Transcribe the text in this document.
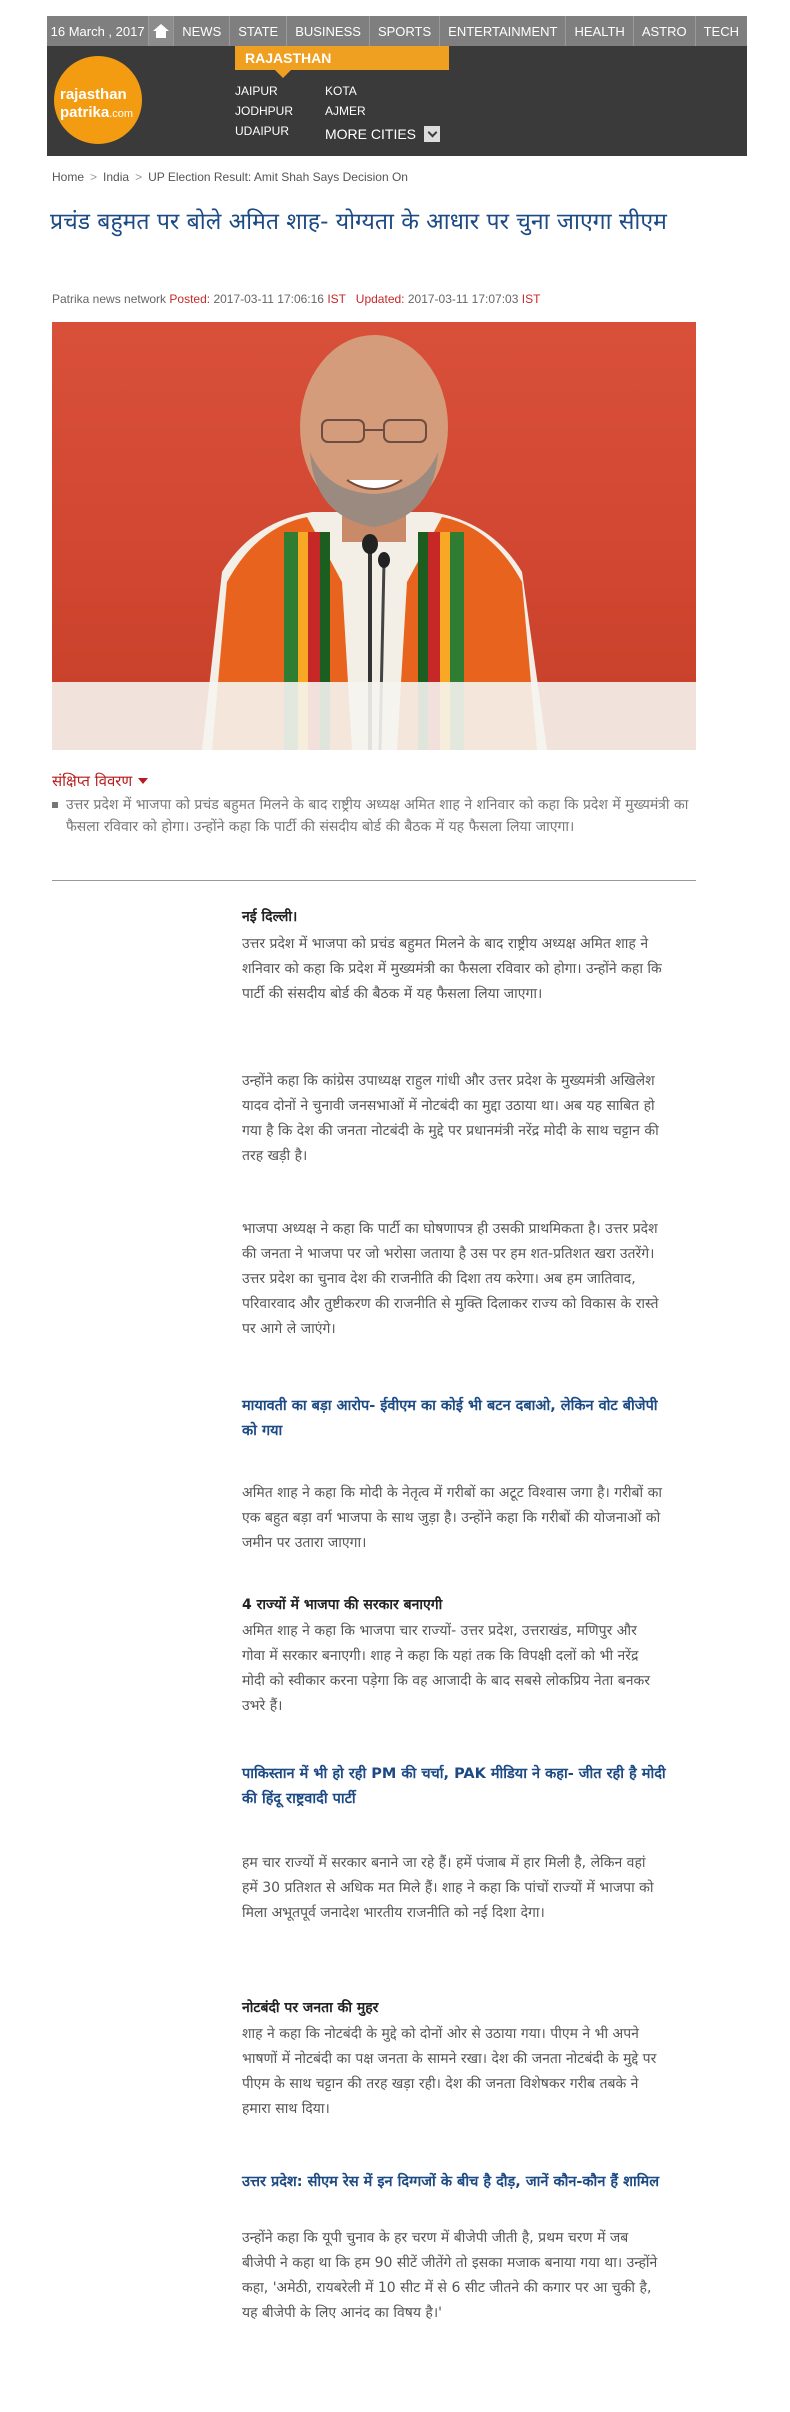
16 March , 2017	NEWS	STATE	BUSINESS	SPORTS	ENTERTAINMENT	HEALTH	ASTRO	TECH
rajasthan
patrika.com
RAJASTHAN
JAIPUR	KOTA
JODHPUR	AJMER
UDAIPUR	MORE CITIES
Home > India > UP Election Result: Amit Shah Says Decision On
प्रचंड बहुमत पर बोले अमित शाह- योग्यता के आधार पर चुना जाएगा सीएम
Patrika news network Posted: 2017-03-11 17:06:16 IST Updated: 2017-03-11 17:07:03 IST
संक्षिप्त विवरण
उत्तर प्रदेश में भाजपा को प्रचंड बहुमत मिलने के बाद राष्ट्रीय अध्यक्ष अमित शाह ने शनिवार को कहा कि प्रदेश में मुख्यमंत्री का फैसला रविवार को होगा। उन्होंने कहा कि पार्टी की संसदीय बोर्ड की बैठक में यह फैसला लिया जाएगा।
नई दिल्ली।
उत्तर प्रदेश में भाजपा को प्रचंड बहुमत मिलने के बाद राष्ट्रीय अध्यक्ष अमित शाह ने शनिवार को कहा कि प्रदेश में मुख्यमंत्री का फैसला रविवार को होगा। उन्होंने कहा कि पार्टी की संसदीय बोर्ड की बैठक में यह फैसला लिया जाएगा।
उन्होंने कहा कि कांग्रेस उपाध्यक्ष राहुल गांधी और उत्तर प्रदेश के मुख्यमंत्री अखिलेश यादव दोनों ने चुनावी जनसभाओं में नोटबंदी का मुद्दा उठाया था। अब यह साबित हो गया है कि देश की जनता नोटबंदी के मुद्दे पर प्रधानमंत्री नरेंद्र मोदी के साथ चट्टान की तरह खड़ी है।
भाजपा अध्यक्ष ने कहा कि पार्टी का घोषणापत्र ही उसकी प्राथमिकता है। उत्तर प्रदेश की जनता ने भाजपा पर जो भरोसा जताया है उस पर हम शत-प्रतिशत खरा उतरेंगे। उत्तर प्रदेश का चुनाव देश की राजनीति की दिशा तय करेगा। अब हम जातिवाद, परिवारवाद और तुष्टीकरण की राजनीति से मुक्ति दिलाकर राज्य को विकास के रास्ते पर आगे ले जाएंगे।
मायावती का बड़ा आरोप- ईवीएम का कोई भी बटन दबाओ, लेकिन वोट बीजेपी को गया
अमित शाह ने कहा कि मोदी के नेतृत्व में गरीबों का अटूट विश्वास जगा है। गरीबों का एक बहुत बड़ा वर्ग भाजपा के साथ जुड़ा है। उन्होंने कहा कि गरीबों की योजनाओं को जमीन पर उतारा जाएगा।
4 राज्यों में भाजपा की सरकार बनाएगी
अमित शाह ने कहा कि भाजपा चार राज्यों- उत्तर प्रदेश, उत्तराखंड, मणिपुर और गोवा में सरकार बनाएगी। शाह ने कहा कि यहां तक कि विपक्षी दलों को भी नरेंद्र मोदी को स्वीकार करना पड़ेगा कि वह आजादी के बाद सबसे लोकप्रिय नेता बनकर उभरे हैं।
पाकिस्तान में भी हो रही PM की चर्चा, PAK मीडिया ने कहा- जीत रही है मोदी की हिंदू राष्ट्रवादी पार्टी
हम चार राज्यों में सरकार बनाने जा रहे हैं। हमें पंजाब में हार मिली है, लेकिन वहां हमें 30 प्रतिशत से अधिक मत मिले हैं। शाह ने कहा कि पांचों राज्यों में भाजपा को मिला अभूतपूर्व जनादेश भारतीय राजनीति को नई दिशा देगा।
नोटबंदी पर जनता की मुहर
शाह ने कहा कि नोटबंदी के मुद्दे को दोनों ओर से उठाया गया। पीएम ने भी अपने भाषणों में नोटबंदी का पक्ष जनता के सामने रखा। देश की जनता नोटबंदी के मुद्दे पर पीएम के साथ चट्टान की तरह खड़ा रही। देश की जनता विशेषकर गरीब तबके ने हमारा साथ दिया।
उत्तर प्रदेश: सीएम रेस में इन दिग्गजों के बीच है दौड़, जानें कौन-कौन हैं शामिल
उन्होंने कहा कि यूपी चुनाव के हर चरण में बीजेपी जीती है, प्रथम चरण में जब बीजेपी ने कहा था कि हम 90 सीटें जीतेंगे तो इसका मजाक बनाया गया था। उन्होंने कहा, 'अमेठी, रायबरेली में 10 सीट में से 6 सीट जीतने की कगार पर आ चुकी है, यह बीजेपी के लिए आनंद का विषय है।'
